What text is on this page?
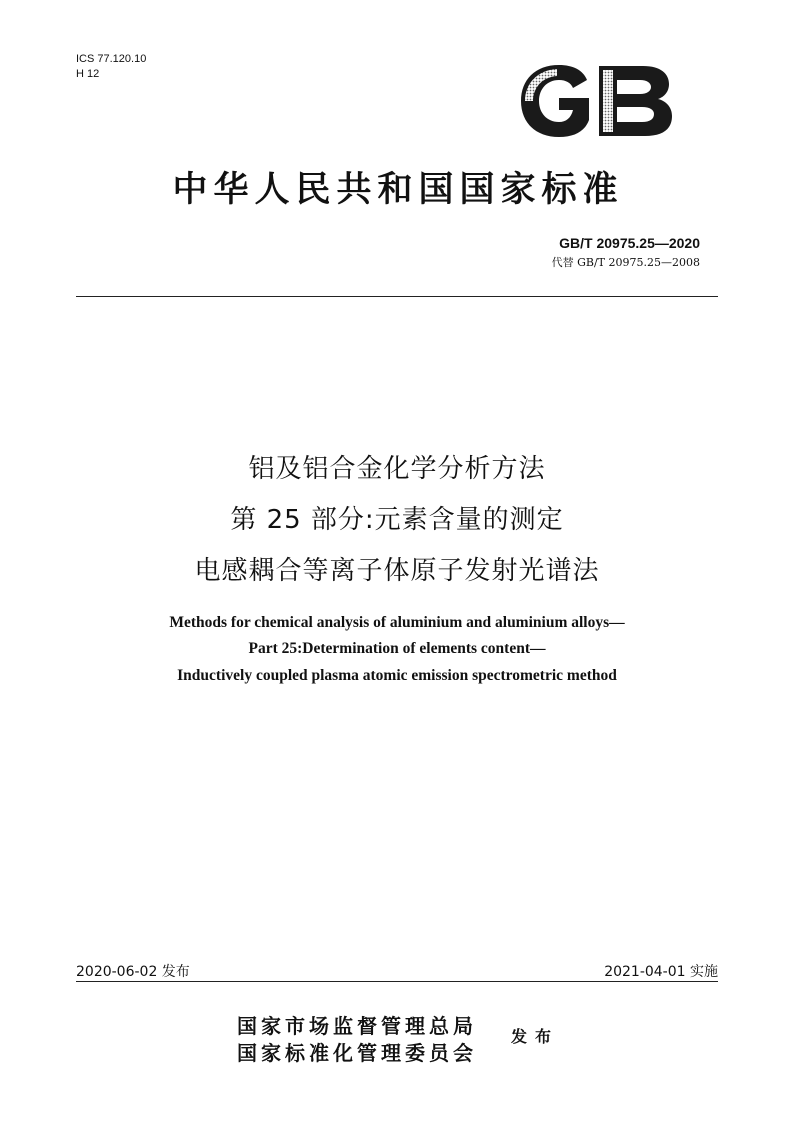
ICS 77.120.10
H 12
中华人民共和国国家标准
GB/T 20975.25—2020
代替 GB/T 20975.25—2008
铝及铝合金化学分析方法
第 25 部分:元素含量的测定
电感耦合等离子体原子发射光谱法
Methods for chemical analysis of aluminium and aluminium alloys—
Part 25:Determination of elements content—
Inductively coupled plasma atomic emission spectrometric method
2020-06-02 发布	2021-04-01 实施
国家市场监督管理总局
国家标准化管理委员会
发布
